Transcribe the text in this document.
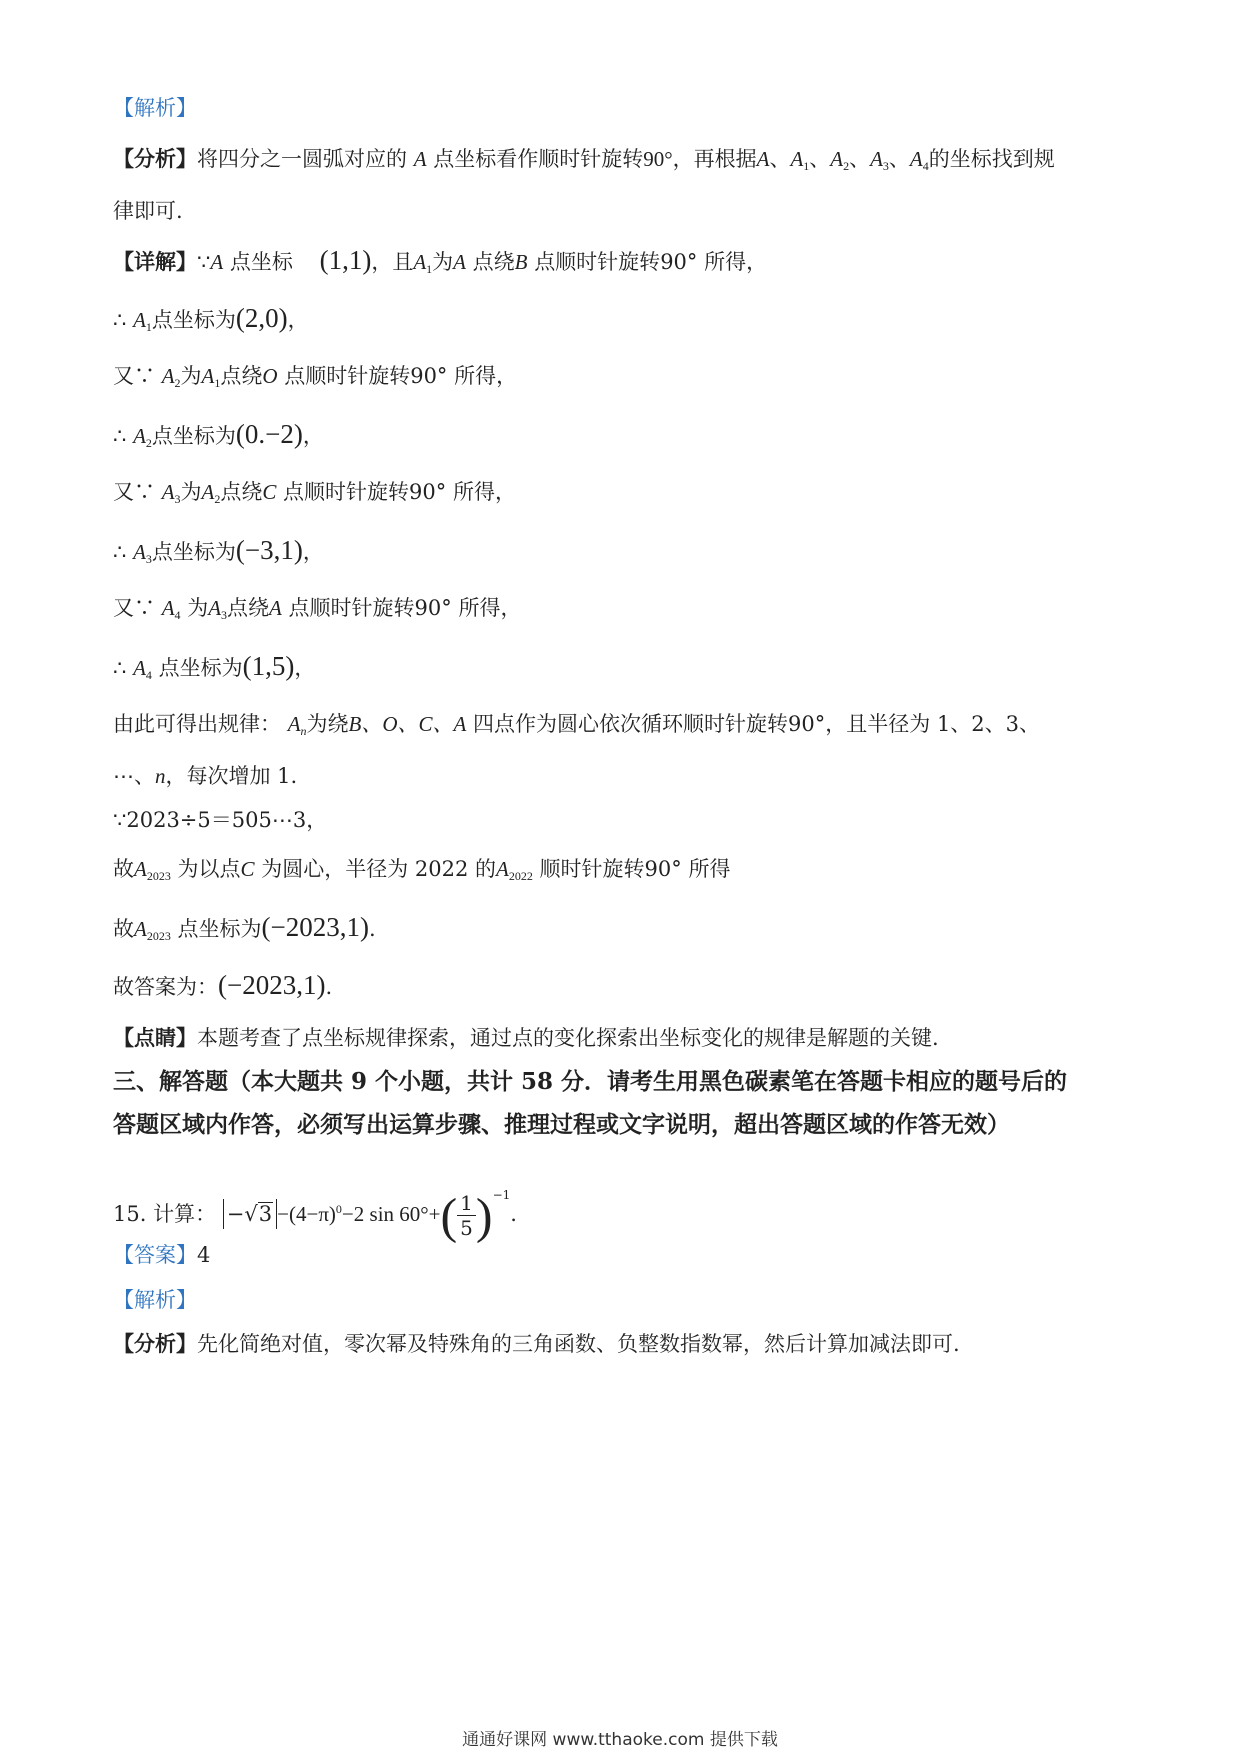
【解析】
【分析】将四分之一圆弧对应的 A 点坐标看作顺时针旋转90°，再根据A、$A_1$、$A_2$、$A_3$、$A_4$的坐标找到规
律即可.
【详解】∵A 点坐标 (1,1)，且$A_1$为A 点绕B 点顺时针旋转90° 所得，
∴ $A_1$点坐标为(2,0)，
又∵ $A_2$为$A_1$点绕O 点顺时针旋转90° 所得，
∴ $A_2$点坐标为(0.−2)，
又∵ $A_3$为$A_2$点绕C 点顺时针旋转90° 所得，
∴ $A_3$点坐标为(−3,1)，
又∵ $A_4$ 为$A_3$点绕A 点顺时针旋转90° 所得，
∴ $A_4$ 点坐标为(1,5)，
由此可得出规律： $A_n$为绕B、O、C、A 四点作为圆心依次循环顺时针旋转90°，且半径为 1、2、3、
⋯、n，每次增加 1.
∵2023÷5＝505⋯3，
故$A_{2023}$ 为以点C 为圆心，半径为 2022 的$A_{2022}$ 顺时针旋转90° 所得
故$A_{2023}$ 点坐标为(−2023,1).
故答案为：(−2023,1).
【点睛】本题考查了点坐标规律探索，通过点的变化探索出坐标变化的规律是解题的关键.
三、解答题（本大题共 9 个小题，共计 58 分．请考生用黑色碳素笔在答题卡相应的题号后的
答题区域内作答，必须写出运算步骤、推理过程或文字说明，超出答题区域的作答无效）
15. 计算： $-√3 -(4-\pi)^0-2$ $\sin 60^\circ+( \frac{1}{5} )^{-1}$.
【答案】4
【解析】
【分析】先化简绝对值，零次幂及特殊角的三角函数、负整数指数幂，然后计算加减法即可.
通通好课网 www.tthaoke.com 提供下载
